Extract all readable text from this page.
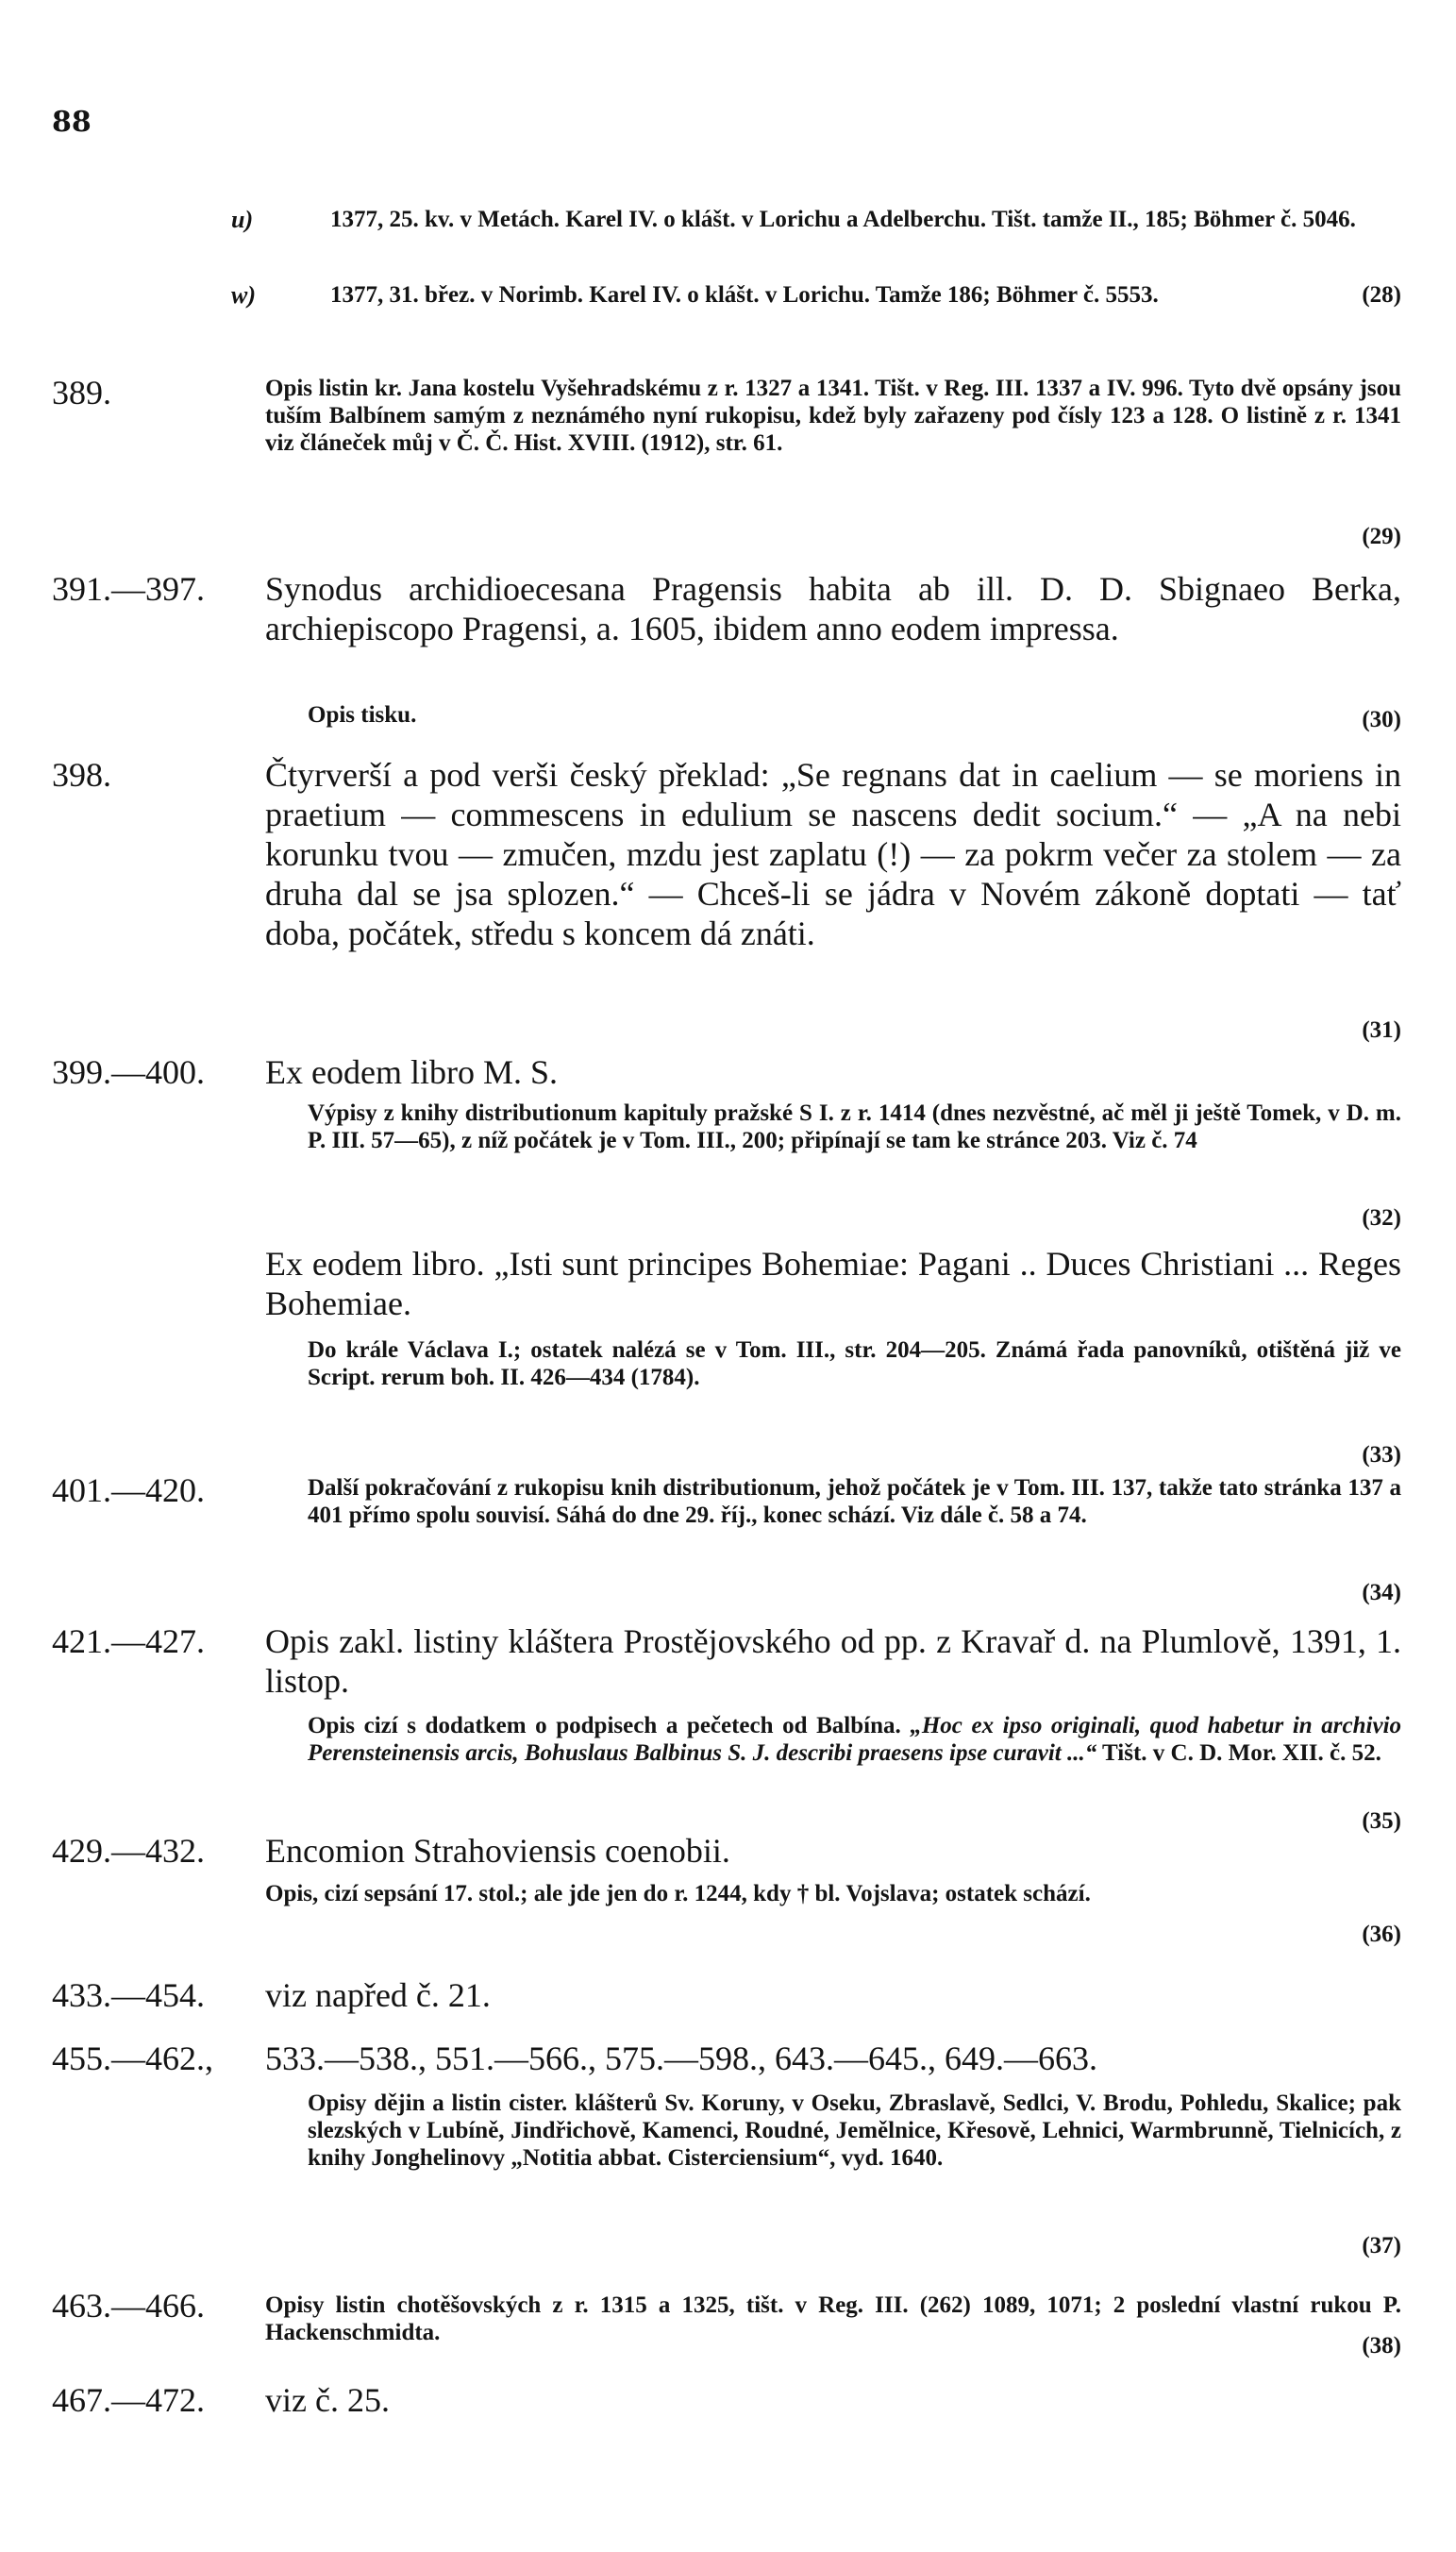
88
u)	1377, 25. kv. v Metách. Karel IV. o klášt. v Lorichu a Adelberchu. Tišt. tamže II., 185; Böhmer č. 5046.
w)	1377, 31. břez. v Norimb. Karel IV. o klášt. v Lorichu. Tamže 186; Böhmer č. 5553.	(28)
389.	Opis listin kr. Jana kostelu Vyšehradskému z r. 1327 a 1341. Tišt. v Reg. III. 1337 a IV. 996. Tyto dvě opsány jsou tuším Balbínem samým z neznámého nyní rukopisu, kdež byly zařazeny pod čísly 123 a 128. O listině z r. 1341 viz článeček můj v Č. Č. Hist. XVIII. (1912), str. 61.
(29)
391.—397. Synodus archidioecesana Pragensis habita ab ill. D. D. Sbignaeo Berka, archiepiscopo Pragensi, a. 1605, ibidem anno eodem impressa.
Opis tisku.	(30)
398.	Čtyrverší a pod verši český překlad: „Se regnans dat in caelium — se moriens in praetium — commescens in edulium se nascens dedit socium.“ — „A na nebi korunku tvou — zmučen, mzdu jest zaplatu (!) — za pokrm večer za stolem — za druha dal se jsa splozen.“ — Chceš-li se jádra v Novém zákoně doptati — tať doba, počátek, středu s koncem dá znáti.
(31)
399.—400. Ex eodem libro M. S.
Výpisy z knihy distributionum kapituly pražské S I. z r. 1414 (dnes nezvěstné, ač měl ji ještě Tomek, v D. m. P. III. 57—65), z níž počátek je v Tom. III., 200; připínají se tam ke stránce 203. Viz č. 74
(32)
Ex eodem libro. „Isti sunt principes Bohemiae: Pagani .. Duces Christiani ... Reges Bohemiae.
Do krále Václava I.; ostatek nalézá se v Tom. III., str. 204—205. Známá řada panovníků, otištěná již ve Script. rerum boh. II. 426—434 (1784).
(33)
401.—420.	Další pokračování z rukopisu knih distributionum, jehož počátek je v Tom. III. 137, takže tato stránka 137 a 401 přímo spolu souvisí. Sáhá do dne 29. říj., konec schází. Viz dále č. 58 a 74.
(34)
421.—427. Opis zakl. listiny kláštera Prostějovského od pp. z Kravař d. na Plumlově, 1391, 1. listop.
Opis cizí s dodatkem o podpisech a pečetech od Balbína. „Hoc ex ipso originali, quod habetur in archivio Perensteinensis arcis, Bohuslaus Balbinus S. J. describi praesens ipse curavit ...“ Tišt. v C. D. Mor. XII. č. 52.
(35)
429.—432. Encomion Strahoviensis coenobii.
Opis, cizí sepsání 17. stol.; ale jde jen do r. 1244, kdy † bl. Vojslava; ostatek schází.
(36)
433.—454. viz napřed č. 21.
455.—462., 533.—538., 551.—566., 575.—598., 643.—645., 649.—663.
Opisy dějin a listin cister. klášterů Sv. Koruny, v Oseku, Zbraslavě, Sedlci, V. Brodu, Pohledu, Skalice; pak slezských v Lubíně, Jindřichově, Kamenci, Roudné, Jemělnice, Křesově, Lehnici, Warmbrunně, Tielnicích, z knihy Jonghelinovy „Notitia abbat. Cisterciensium“, vyd. 1640.
(37)
463.—466.	Opisy listin chotěšovských z r. 1315 a 1325, tišt. v Reg. III. (262) 1089, 1071; 2 poslední vlastní rukou P. Hackenschmidta.
(38)
467.—472. viz č. 25.
